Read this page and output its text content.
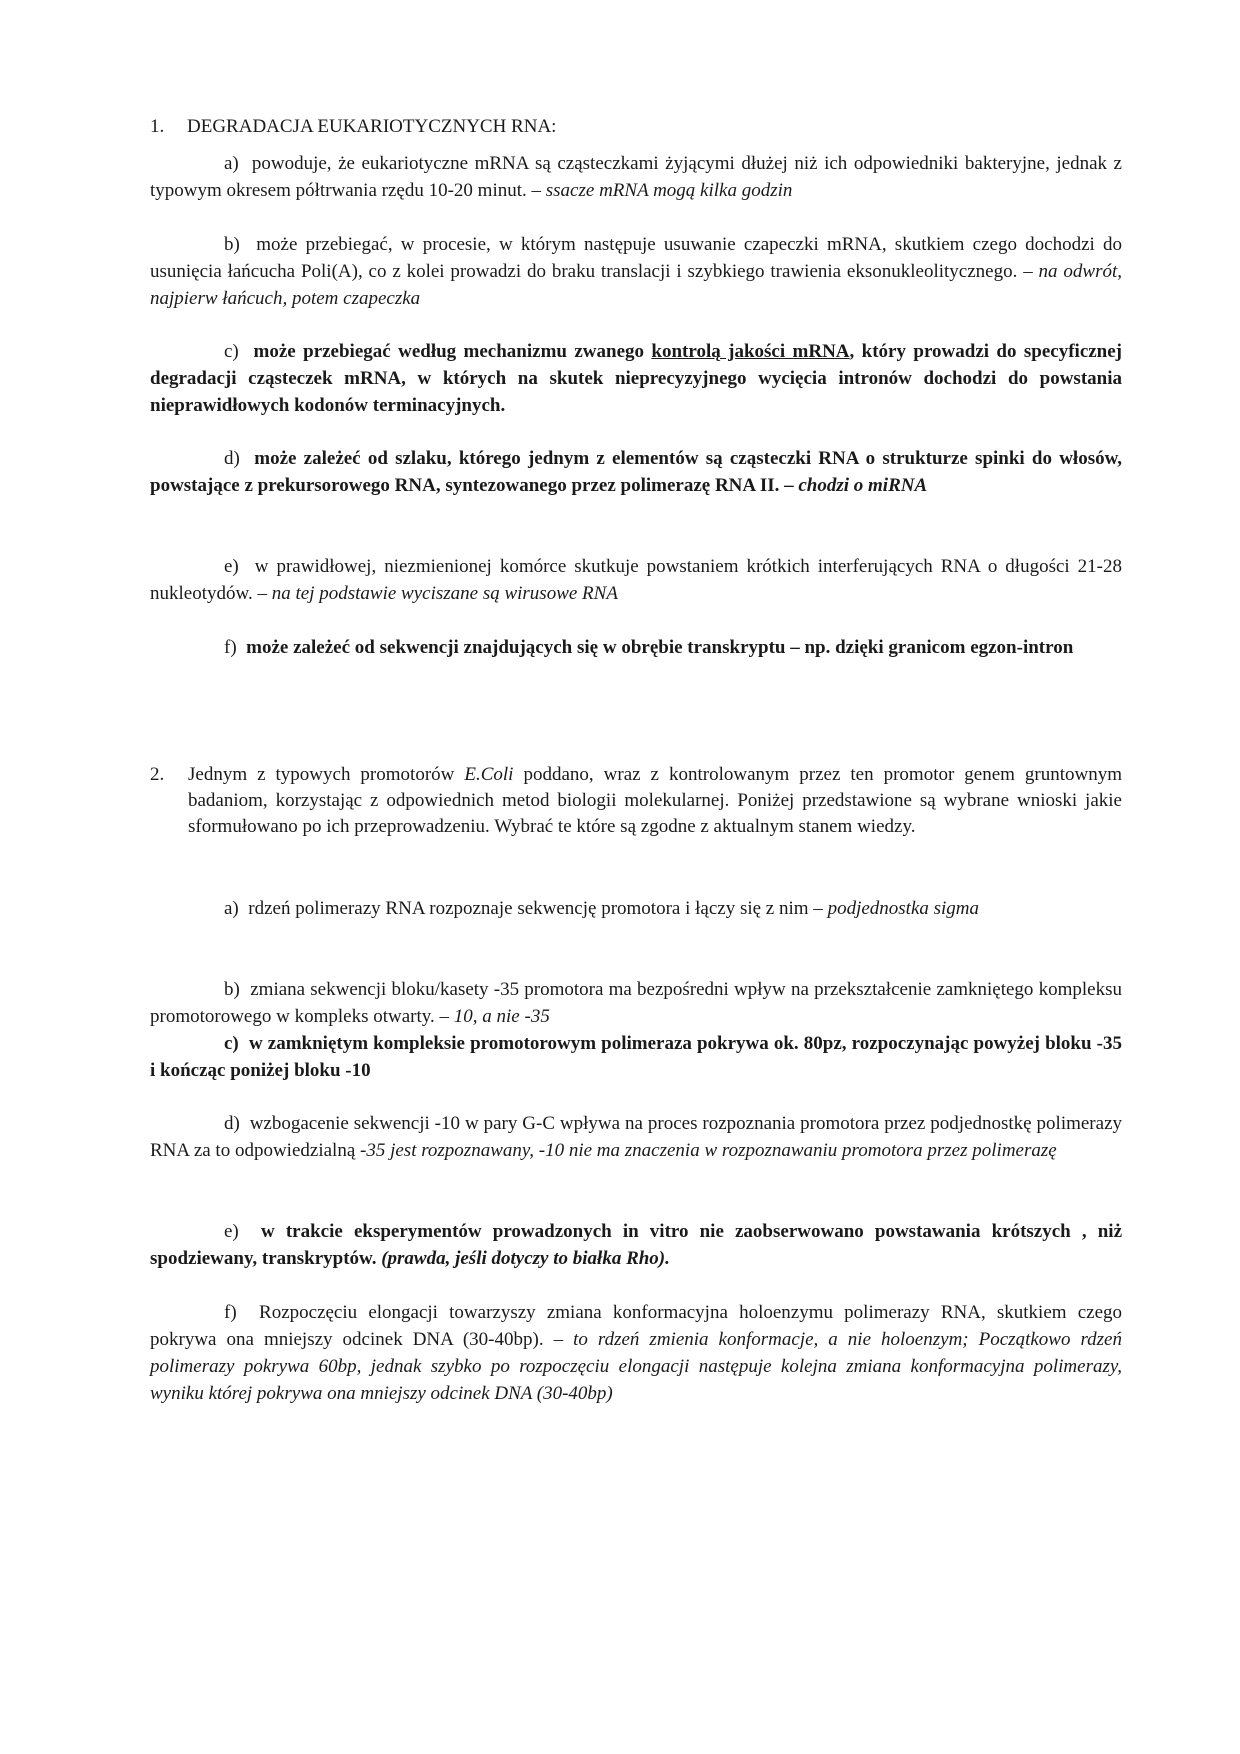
1. DEGRADACJA EUKARIOTYCZNYCH RNA:

a) powoduje, że eukariotyczne mRNA są cząsteczkami żyjącymi dłużej niż ich odpowiedniki bakteryjne, jednak z typowym okresem półtrwania rzędu 10-20 minut. – ssacze mRNA mogą kilka godzin

b) może przebiegać, w procesie, w którym następuje usuwanie czapeczki mRNA, skutkiem czego dochodzi do usunięcia łańcucha Poli(A), co z kolei prowadzi do braku translacji i szybkiego trawienia eksonukleolitycznego. – na odwrót, najpierw łańcuch, potem czapeczka

c) może przebiegać według mechanizmu zwanego kontrolą jakości mRNA, który prowadzi do specyficznej degradacji cząsteczek mRNA, w których na skutek nieprecyzyjnego wycięcia intronów dochodzi do powstania nieprawidłowych kodonów terminacyjnych.

d) może zależeć od szlaku, którego jednym z elementów są cząsteczki RNA o strukturze spinki do włosów, powstające z prekursorowego RNA, syntezowanego przez polimerazę RNA II. – chodzi o miRNA

e) w prawidłowej, niezmienionej komórce skutkuje powstaniem krótkich interferujących RNA o długości 21-28 nukleotydów. – na tej podstawie wyciszane są wirusowe RNA

f) może zależeć od sekwencji znajdujących się w obrębie transkryptu – np. dzięki granicom egzon-intron

2. Jednym z typowych promotorów E.Coli poddano, wraz z kontrolowanym przez ten promotor genem gruntownym badaniom, korzystając z odpowiednich metod biologii molekularnej. Poniżej przedstawione są wybrane wnioski jakie sformułowano po ich przeprowadzeniu. Wybrać te które są zgodne z aktualnym stanem wiedzy.

a) rdzeń polimerazy RNA rozpoznaje sekwencję promotora i łączy się z nim – podjednostka sigma

b) zmiana sekwencji bloku/kasety -35 promotora ma bezpośredni wpływ na przekształcenie zamkniętego kompleksu promotorowego w kompleks otwarty. – 10, a nie -35

c) w zamkniętym kompleksie promotorowym polimeraza pokrywa ok. 80pz, rozpoczynając powyżej bloku -35 i kończąc poniżej bloku -10

d) wzbogacenie sekwencji -10 w pary G-C wpływa na proces rozpoznania promotora przez podjednostkę polimerazy RNA za to odpowiedzialną -35 jest rozpoznawany, -10 nie ma znaczenia w rozpoznawaniu promotora przez polimerazę

e) w trakcie eksperymentów prowadzonych in vitro nie zaobserwowano powstawania krótszych , niż spodziewany, transkryptów. (prawda, jeśli dotyczy to białka Rho).

f) Rozpoczęciu elongacji towarzyszy zmiana konformacyjna holoenzymu polimerazy RNA, skutkiem czego pokrywa ona mniejszy odcinek DNA (30-40bp). – to rdzeń zmienia konformacje, a nie holoenzym; Początkowo rdzeń polimerazy pokrywa 60bp, jednak szybko po rozpoczęciu elongacji następuje kolejna zmiana konformacyjna polimerazy, wyniku której pokrywa ona mniejszy odcinek DNA (30-40bp)
